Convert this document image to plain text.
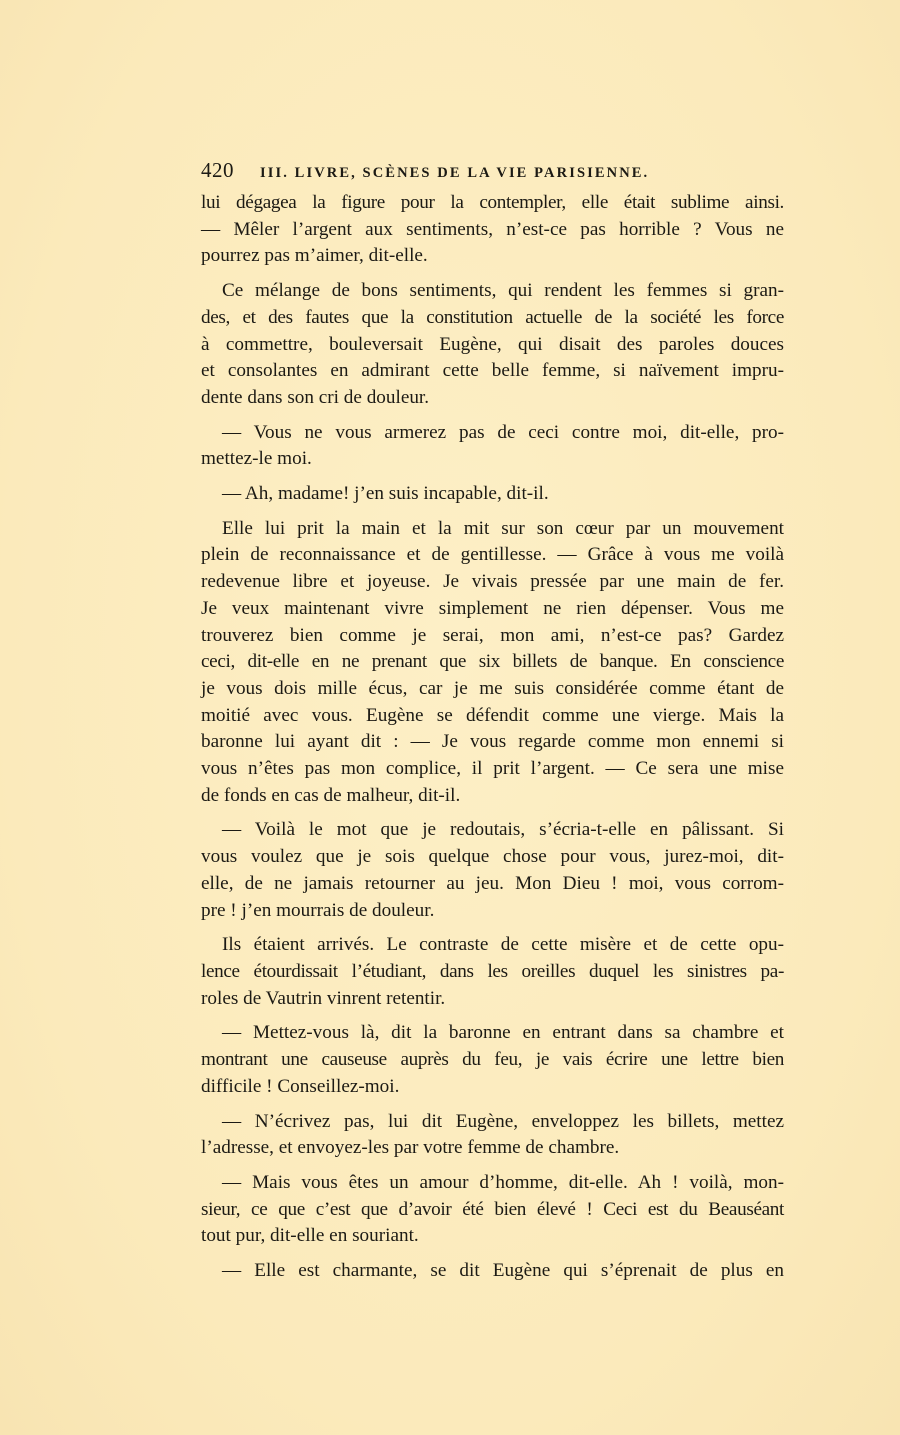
420 III. LIVRE, SCÈNES DE LA VIE PARISIENNE.

lui dégagea la figure pour la contempler, elle était sublime ainsi.
— Mêler l’argent aux sentiments, n’est-ce pas horrible ? Vous ne
pourrez pas m’aimer, dit-elle.

Ce mélange de bons sentiments, qui rendent les femmes si gran-
des, et des fautes que la constitution actuelle de la société les force
à commettre, bouleversait Eugène, qui disait des paroles douces
et consolantes en admirant cette belle femme, si naïvement impru-
dente dans son cri de douleur.

— Vous ne vous armerez pas de ceci contre moi, dit-elle, pro-
mettez-le moi.

— Ah, madame! j’en suis incapable, dit-il.

Elle lui prit la main et la mit sur son cœur par un mouvement
plein de reconnaissance et de gentillesse. — Grâce à vous me voilà
redevenue libre et joyeuse. Je vivais pressée par une main de fer.
Je veux maintenant vivre simplement ne rien dépenser. Vous me
trouverez bien comme je serai, mon ami, n’est-ce pas? Gardez
ceci, dit-elle en ne prenant que six billets de banque. En conscience
je vous dois mille écus, car je me suis considérée comme étant de
moitié avec vous. Eugène se défendit comme une vierge. Mais la
baronne lui ayant dit : — Je vous regarde comme mon ennemi si
vous n’êtes pas mon complice, il prit l’argent. — Ce sera une mise
de fonds en cas de malheur, dit-il.

— Voilà le mot que je redoutais, s’écria-t-elle en pâlissant. Si
vous voulez que je sois quelque chose pour vous, jurez-moi, dit-
elle, de ne jamais retourner au jeu. Mon Dieu ! moi, vous corrom-
pre ! j’en mourrais de douleur.

Ils étaient arrivés. Le contraste de cette misère et de cette opu-
lence étourdissait l’étudiant, dans les oreilles duquel les sinistres pa-
roles de Vautrin vinrent retentir.

— Mettez-vous là, dit la baronne en entrant dans sa chambre et
montrant une causeuse auprès du feu, je vais écrire une lettre bien
difficile ! Conseillez-moi.

— N’écrivez pas, lui dit Eugène, enveloppez les billets, mettez
l’adresse, et envoyez-les par votre femme de chambre.

— Mais vous êtes un amour d’homme, dit-elle. Ah ! voilà, mon-
sieur, ce que c’est que d’avoir été bien élevé ! Ceci est du Beauséant
tout pur, dit-elle en souriant.

— Elle est charmante, se dit Eugène qui s’éprenait de plus en
